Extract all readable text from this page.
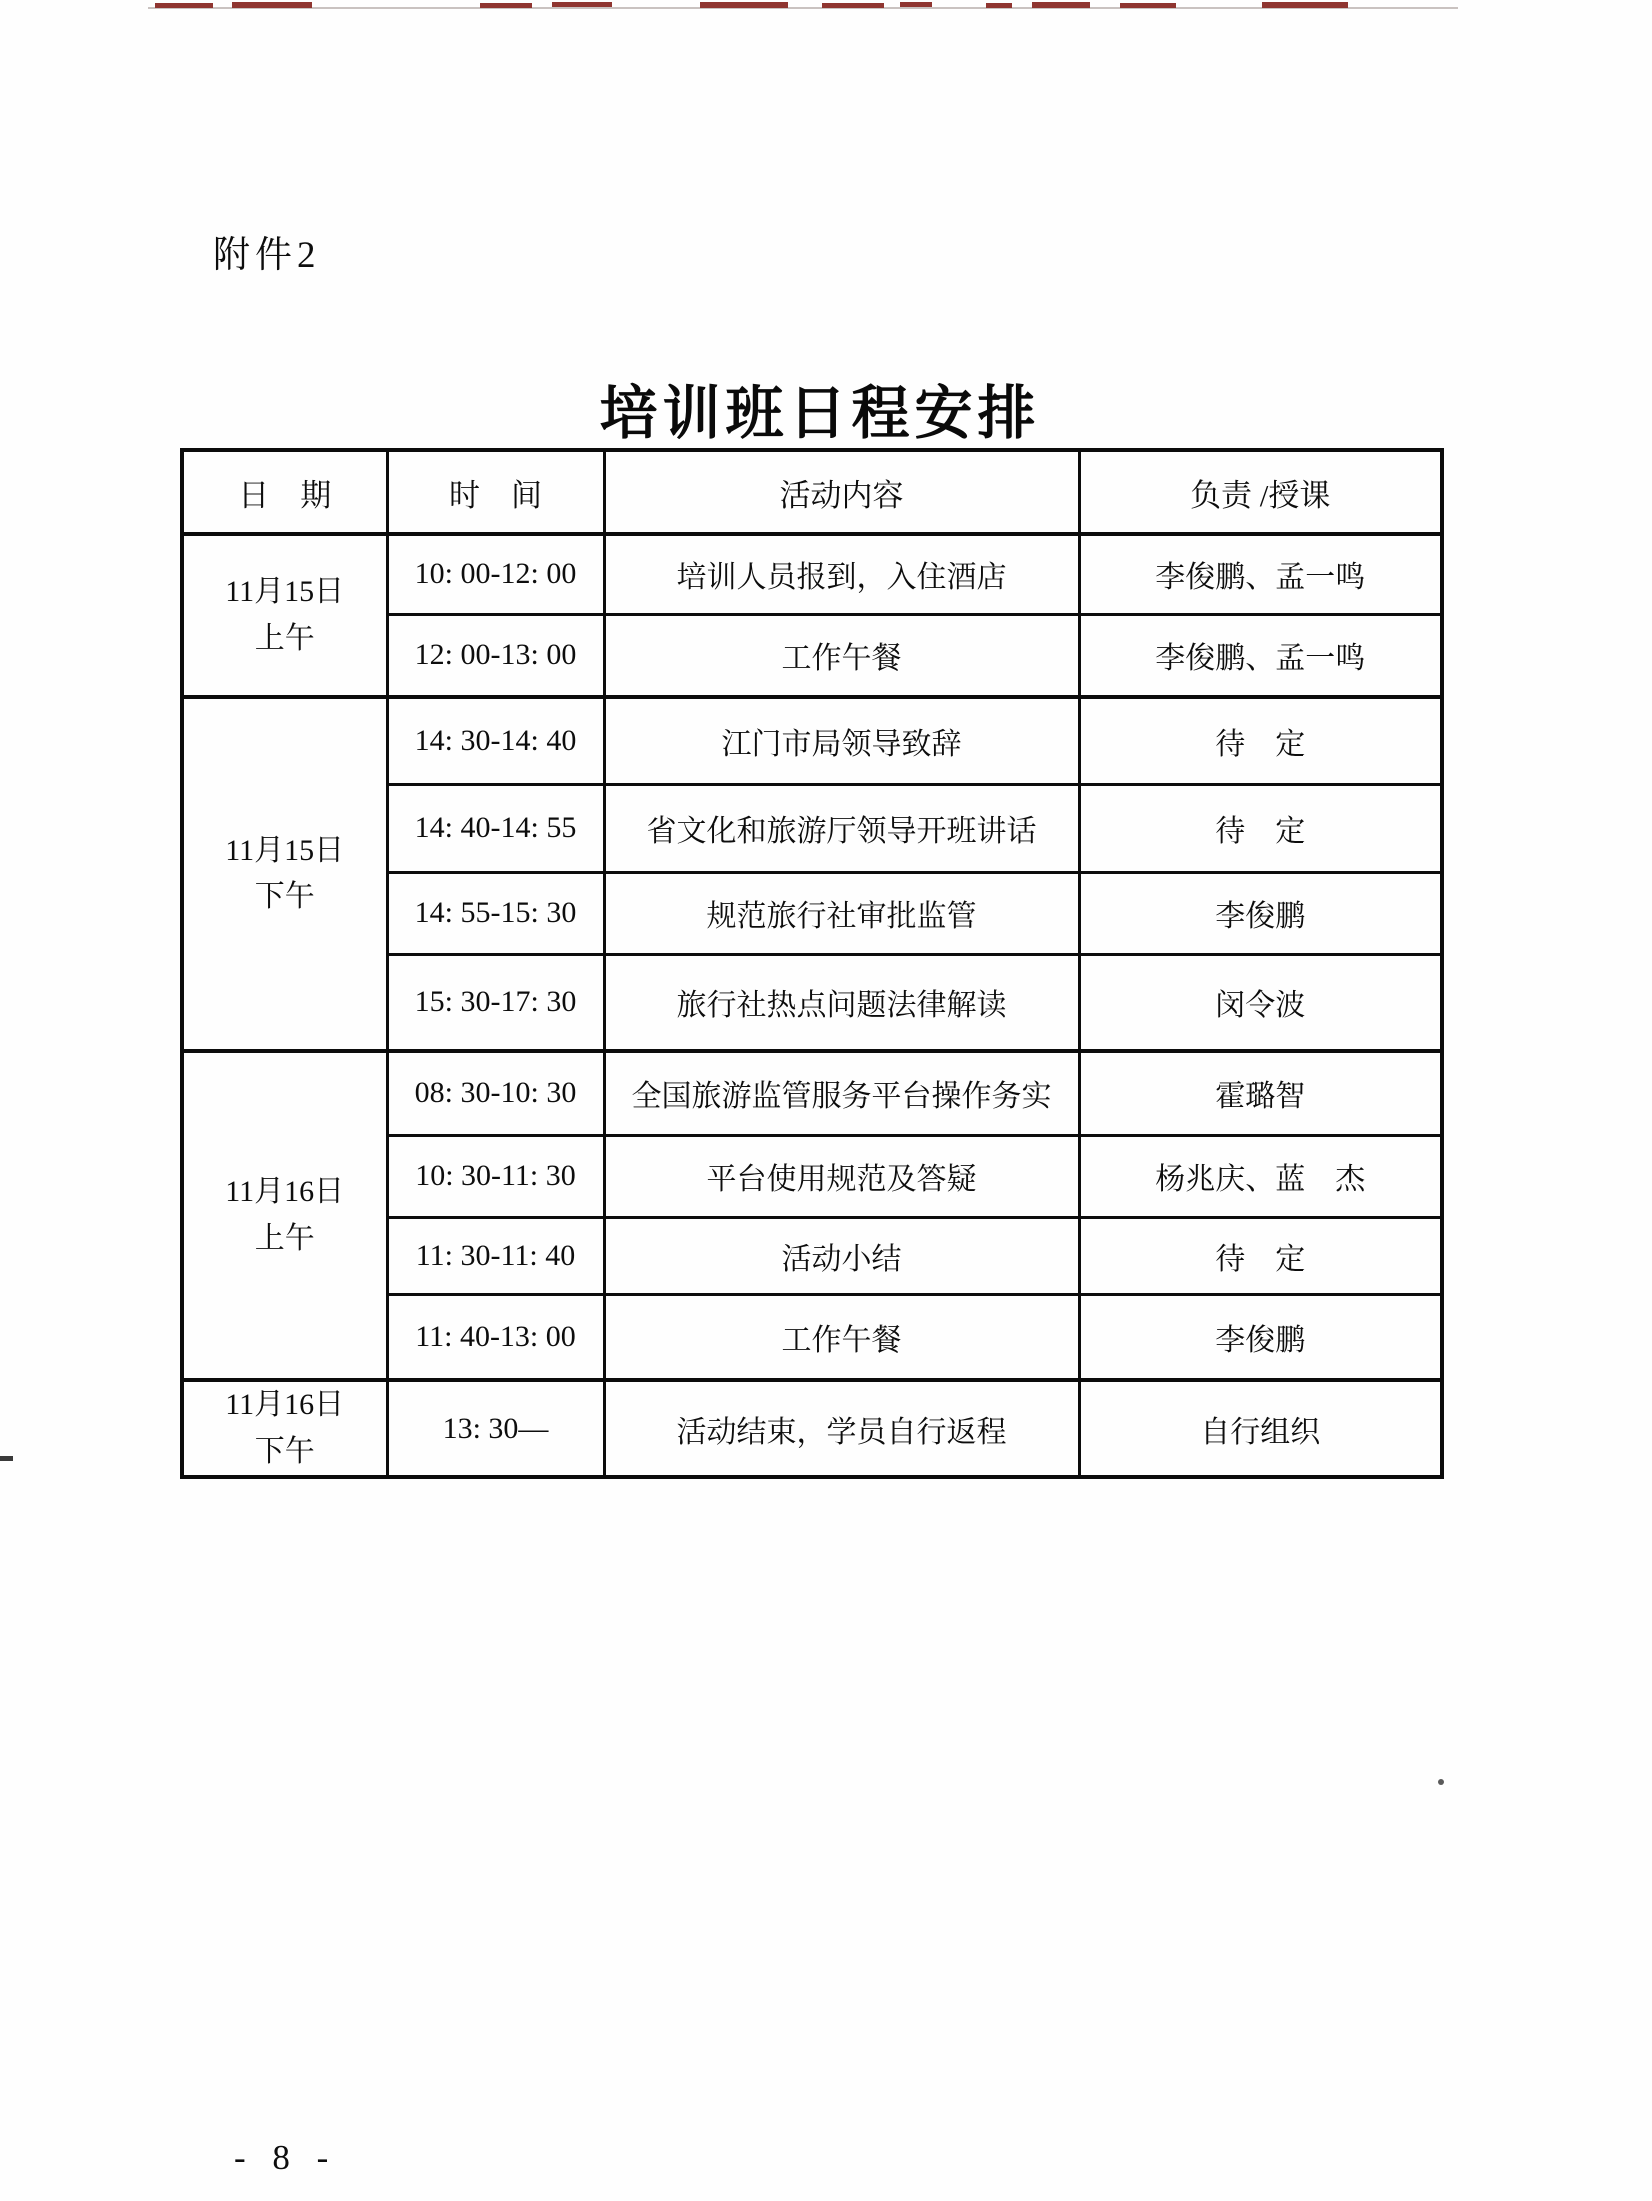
附件2
培训班日程安排
日　期	时　间	活动内容	负责 /授课
11月15日
上午	10: 00-12: 00	培训人员报到，入住酒店	李俊鹏、孟一鸣
	12: 00-13: 00	工作午餐	李俊鹏、孟一鸣
11月15日
下午	14: 30-14: 40	江门市局领导致辞	待　定
	14: 40-14: 55	省文化和旅游厅领导开班讲话	待　定
	14: 55-15: 30	规范旅行社审批监管	李俊鹏
	15: 30-17: 30	旅行社热点问题法律解读	闵令波
11月16日
上午	08: 30-10: 30	全国旅游监管服务平台操作务实	霍璐智
	10: 30-11: 30	平台使用规范及答疑	杨兆庆、蓝　杰
	11: 30-11: 40	活动小结	待　定
	11: 40-13: 00	工作午餐	李俊鹏
11月16日
下午	13: 30—	活动结束，学员自行返程	自行组织
- 8 -
